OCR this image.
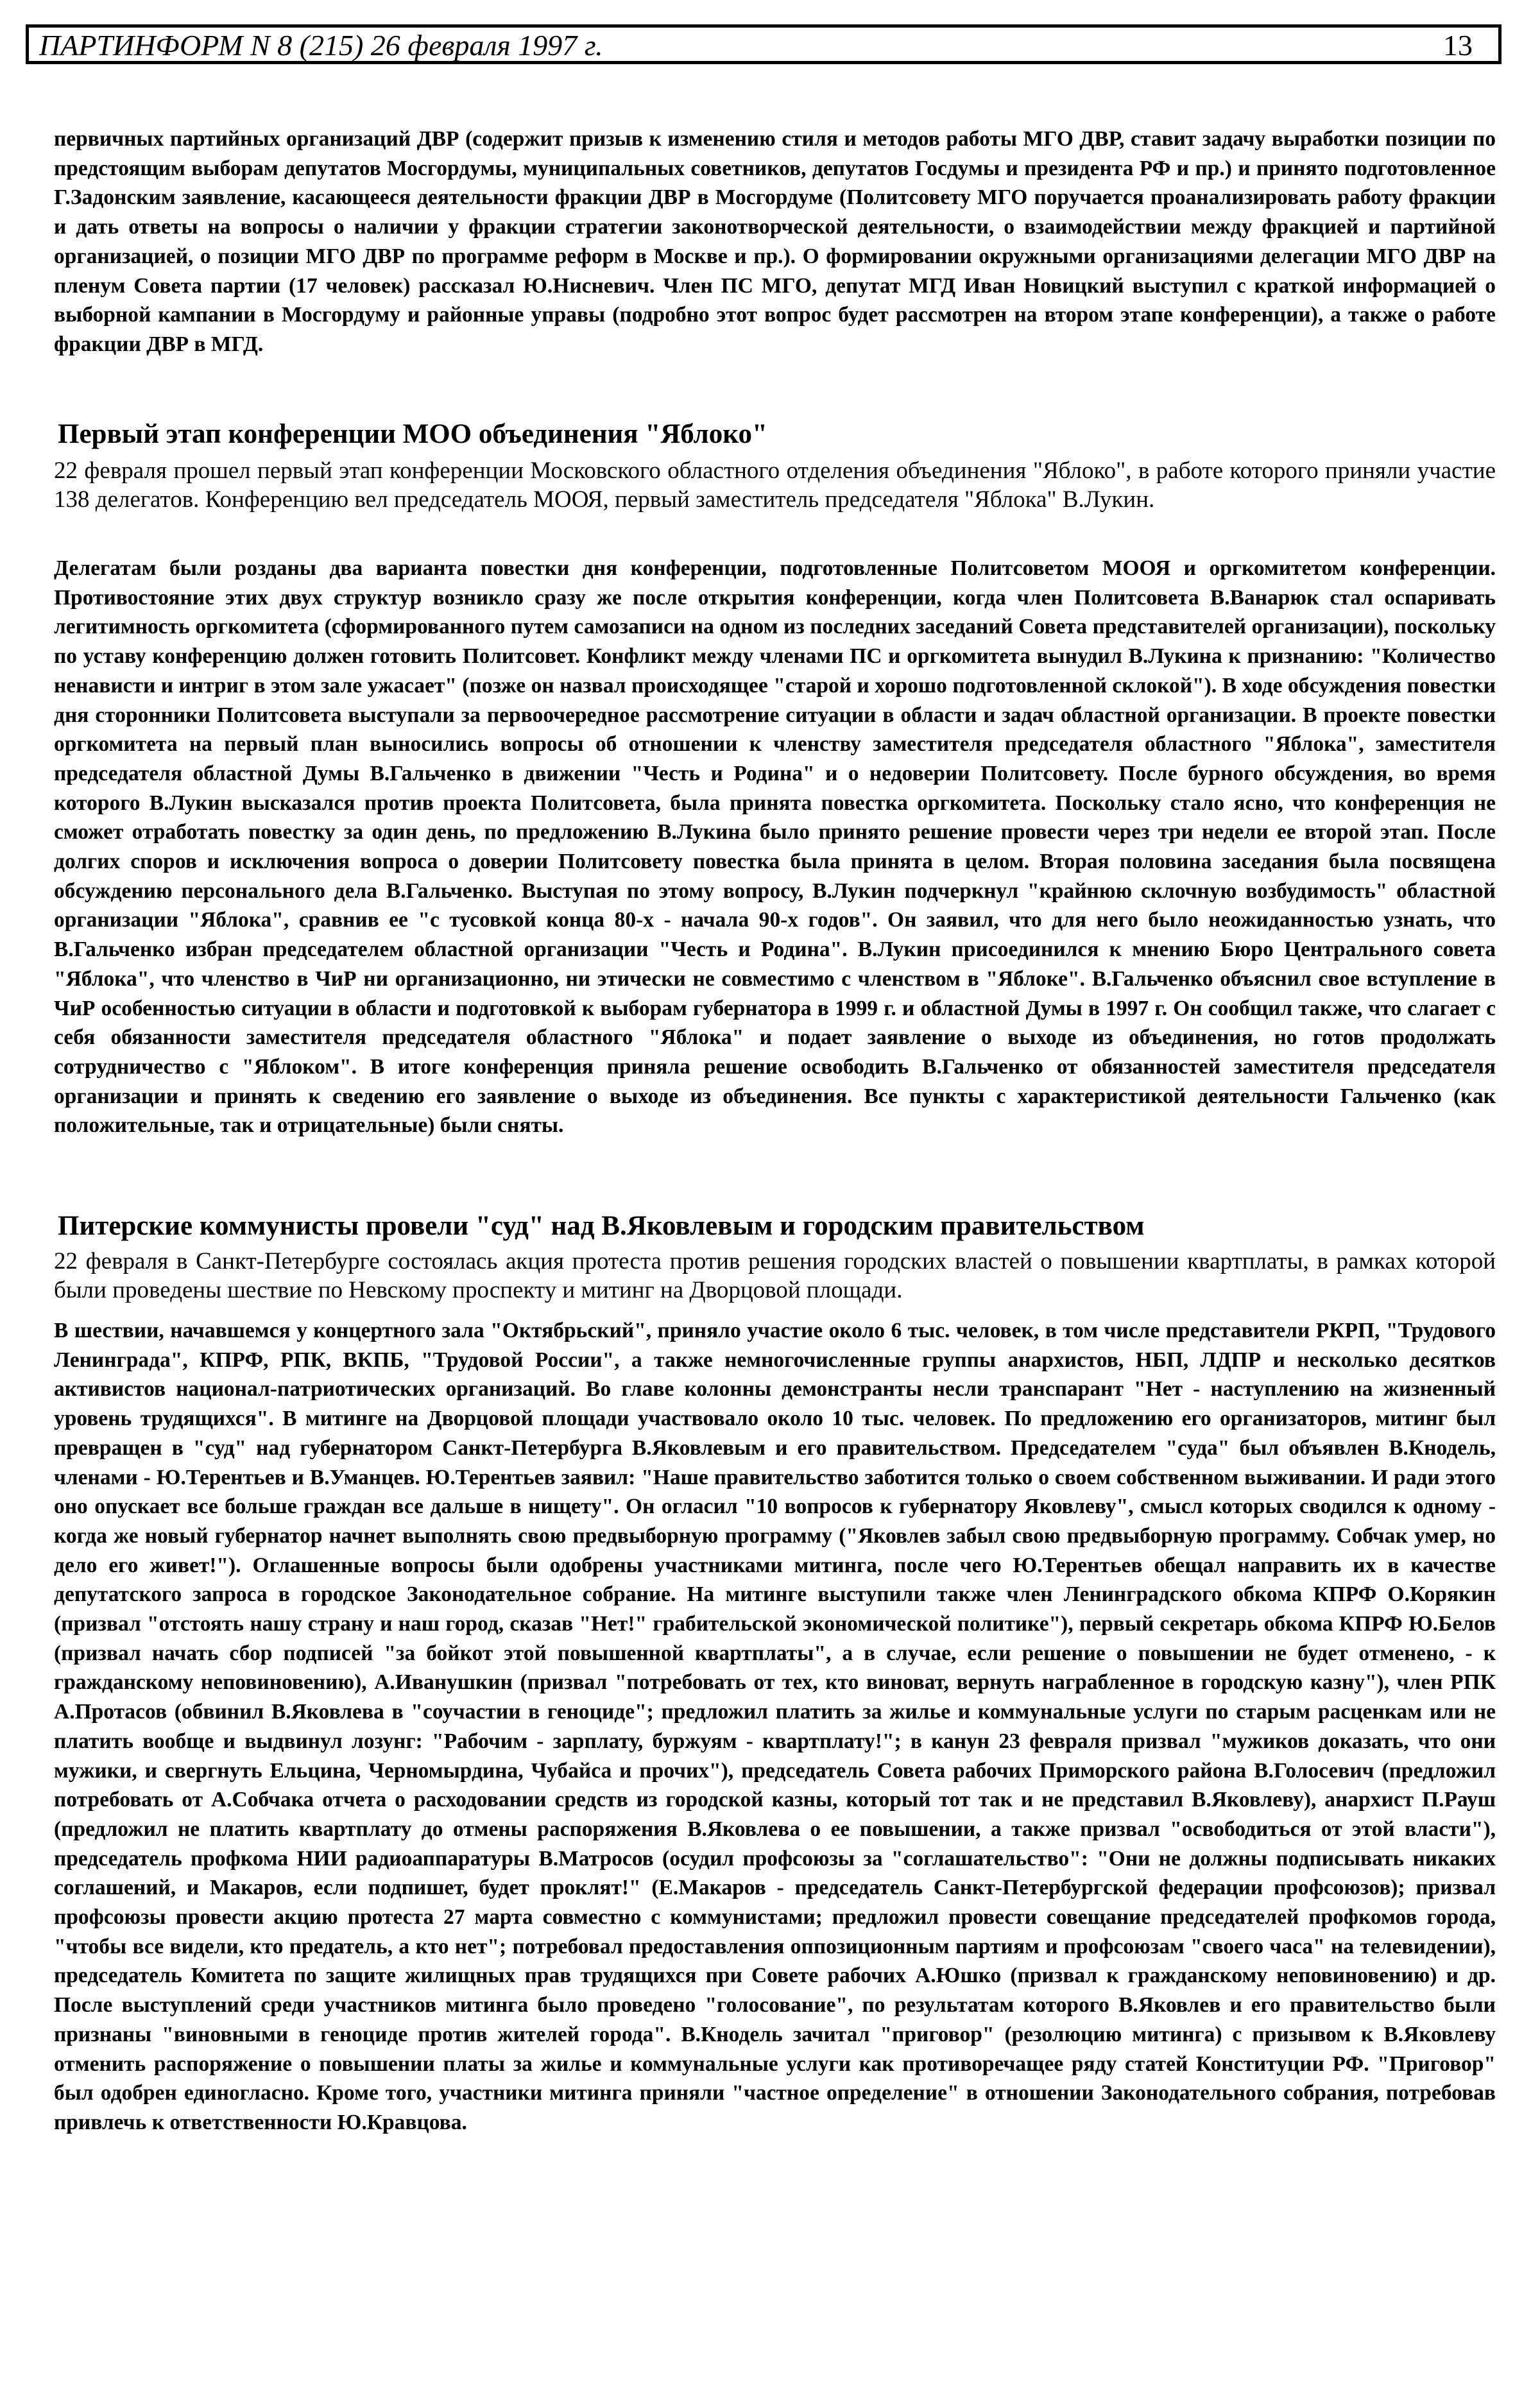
ПАРТИНФОРМ N 8 (215) 26 февраля 1997 г.	13

первичных партийных организаций ДВР (содержит призыв к изменению стиля и методов работы МГО ДВР, ставит задачу выработки позиции по предстоящим выборам депутатов Мосгордумы, муниципальных советников, депутатов Госдумы и президента РФ и пр.) и принято подготовленное Г.Задонским заявление, касающееся деятельности фракции ДВР в Мосгордуме (Политсовету МГО поручается проанализировать работу фракции и дать ответы на вопросы о наличии у фракции стратегии законотворческой деятельности, о взаимодействии между фракцией и партийной организацией, о позиции МГО ДВР по программе реформ в Москве и пр.). О формировании окружными организациями делегации МГО ДВР на пленум Совета партии (17 человек) рассказал Ю.Нисневич. Член ПС МГО, депутат МГД Иван Новицкий выступил с краткой информацией о выборной кампании в Мосгордуму и районные управы (подробно этот вопрос будет рассмотрен на втором этапе конференции), а также о работе фракции ДВР в МГД.

Первый этап конференции МОО объединения "Яблоко"

22 февраля прошел первый этап конференции Московского областного отделения объединения "Яблоко", в работе которого приняли участие 138 делегатов. Конференцию вел председатель МООЯ, первый заместитель председателя "Яблока" В.Лукин.

Делегатам были розданы два варианта повестки дня конференции, подготовленные Политсоветом МООЯ и оргкомитетом конференции. Противостояние этих двух структур возникло сразу же после открытия конференции, когда член Политсовета В.Ванарюк стал оспаривать легитимность оргкомитета (сформированного путем самозаписи на одном из последних заседаний Совета представителей организации), поскольку по уставу конференцию должен готовить Политсовет. Конфликт между членами ПС и оргкомитета вынудил В.Лукина к признанию: "Количество ненависти и интриг в этом зале ужасает" (позже он назвал происходящее "старой и хорошо подготовленной склокой"). В ходе обсуждения повестки дня сторонники Политсовета выступали за первоочередное рассмотрение ситуации в области и задач областной организации. В проекте повестки оргкомитета на первый план выносились вопросы об отношении к членству заместителя председателя областного "Яблока", заместителя председателя областной Думы В.Гальченко в движении "Честь и Родина" и о недоверии Политсовету. После бурного обсуждения, во время которого В.Лукин высказался против проекта Политсовета, была принята повестка оргкомитета. Поскольку стало ясно, что конференция не сможет отработать повестку за один день, по предложению В.Лукина было принято решение провести через три недели ее второй этап. После долгих споров и исключения вопроса о доверии Политсовету повестка была принята в целом. Вторая половина заседания была посвящена обсуждению персонального дела В.Гальченко. Выступая по этому вопросу, В.Лукин подчеркнул "крайнюю склочную возбудимость" областной организации "Яблока", сравнив ее "с тусовкой конца 80-х - начала 90-х годов". Он заявил, что для него было неожиданностью узнать, что В.Гальченко избран председателем областной организации "Честь и Родина". В.Лукин присоединился к мнению Бюро Центрального совета "Яблока", что членство в ЧиР ни организационно, ни этически не совместимо с членством в "Яблоке". В.Гальченко объяснил свое вступление в ЧиР особенностью ситуации в области и подготовкой к выборам губернатора в 1999 г. и областной Думы в 1997 г. Он сообщил также, что слагает с себя обязанности заместителя председателя областного "Яблока" и подает заявление о выходе из объединения, но готов продолжать сотрудничество с "Яблоком". В итоге конференция приняла решение освободить В.Гальченко от обязанностей заместителя председателя организации и принять к сведению его заявление о выходе из объединения. Все пункты с характеристикой деятельности Гальченко (как положительные, так и отрицательные) были сняты.

Питерские коммунисты провели "суд" над В.Яковлевым и городским правительством

22 февраля в Санкт-Петербурге состоялась акция протеста против решения городских властей о повышении квартплаты, в рамках которой были проведены шествие по Невскому проспекту и митинг на Дворцовой площади.

В шествии, начавшемся у концертного зала "Октябрьский", приняло участие около 6 тыс. человек, в том числе представители РКРП, "Трудового Ленинграда", КПРФ, РПК, ВКПБ, "Трудовой России", а также немногочисленные группы анархистов, НБП, ЛДПР и несколько десятков активистов национал-патриотических организаций. Во главе колонны демонстранты несли транспарант "Нет - наступлению на жизненный уровень трудящихся". В митинге на Дворцовой площади участвовало около 10 тыс. человек. По предложению его организаторов, митинг был превращен в "суд" над губернатором Санкт-Петербурга В.Яковлевым и его правительством. Председателем "суда" был объявлен В.Кнодель, членами - Ю.Терентьев и В.Уманцев. Ю.Терентьев заявил: "Наше правительство заботится только о своем собственном выживании. И ради этого оно опускает все больше граждан все дальше в нищету". Он огласил "10 вопросов к губернатору Яковлеву", смысл которых сводился к одному - когда же новый губернатор начнет выполнять свою предвыборную программу ("Яковлев забыл свою предвыборную программу. Собчак умер, но дело его живет!"). Оглашенные вопросы были одобрены участниками митинга, после чего Ю.Терентьев обещал направить их в качестве депутатского запроса в городское Законодательное собрание. На митинге выступили также член Ленинградского обкома КПРФ О.Корякин (призвал "отстоять нашу страну и наш город, сказав "Нет!" грабительской экономической политике"), первый секретарь обкома КПРФ Ю.Белов (призвал начать сбор подписей "за бойкот этой повышенной квартплаты", а в случае, если решение о повышении не будет отменено, - к гражданскому неповиновению), А.Иванушкин (призвал "потребовать от тех, кто виноват, вернуть награбленное в городскую казну"), член РПК А.Протасов (обвинил В.Яковлева в "соучастии в геноциде"; предложил платить за жилье и коммунальные услуги по старым расценкам или не платить вообще и выдвинул лозунг: "Рабочим - зарплату, буржуям - квартплату!"; в канун 23 февраля призвал "мужиков доказать, что они мужики, и свергнуть Ельцина, Черномырдина, Чубайса и прочих"), председатель Совета рабочих Приморского района В.Голосевич (предложил потребовать от А.Собчака отчета о расходовании средств из городской казны, который тот так и не представил В.Яковлеву), анархист П.Рауш (предложил не платить квартплату до отмены распоряжения В.Яковлева о ее повышении, а также призвал "освободиться от этой власти"), председатель профкома НИИ радиоаппаратуры В.Матросов (осудил профсоюзы за "соглашательство": "Они не должны подписывать никаких соглашений, и Макаров, если подпишет, будет проклят!" (Е.Макаров - председатель Санкт-Петербургской федерации профсоюзов); призвал профсоюзы провести акцию протеста 27 марта совместно с коммунистами; предложил провести совещание председателей профкомов города, "чтобы все видели, кто предатель, а кто нет"; потребовал предоставления оппозиционным партиям и профсоюзам "своего часа" на телевидении), председатель Комитета по защите жилищных прав трудящихся при Совете рабочих А.Юшко (призвал к гражданскому неповиновению) и др. После выступлений среди участников митинга было проведено "голосование", по результатам которого В.Яковлев и его правительство были признаны "виновными в геноциде против жителей города". В.Кнодель зачитал "приговор" (резолюцию митинга) с призывом к В.Яковлеву отменить распоряжение о повышении платы за жилье и коммунальные услуги как противоречащее ряду статей Конституции РФ. "Приговор" был одобрен единогласно. Кроме того, участники митинга приняли "частное определение" в отношении Законодательного собрания, потребовав привлечь к ответственности Ю.Кравцова.
